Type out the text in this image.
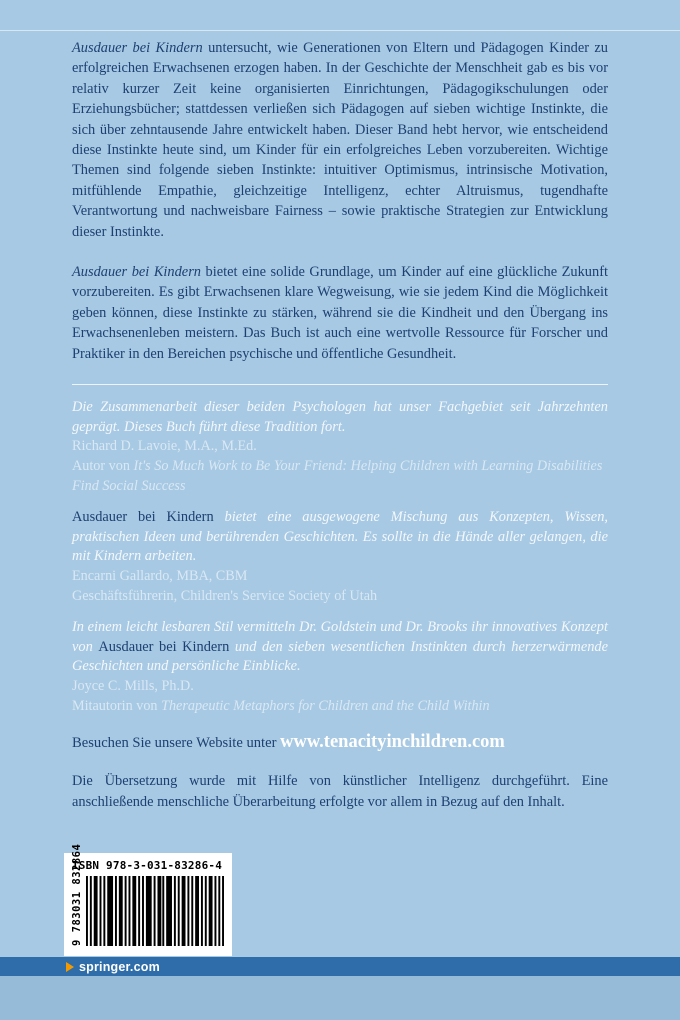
Ausdauer bei Kindern untersucht, wie Generationen von Eltern und Pädagogen Kinder zu erfolgreichen Erwachsenen erzogen haben. In der Geschichte der Menschheit gab es bis vor relativ kurzer Zeit keine organisierten Einrichtungen, Pädagogikschulungen oder Erziehungsbücher; stattdessen verließen sich Pädagogen auf sieben wichtige Instinkte, die sich über zehntausende Jahre entwickelt haben. Dieser Band hebt hervor, wie entscheidend diese Instinkte heute sind, um Kinder für ein erfolgreiches Leben vorzubereiten. Wichtige Themen sind folgende sieben Instinkte: intuitiver Optimismus, intrinsische Motivation, mitfühlende Empathie, gleichzeitige Intelligenz, echter Altruismus, tugendhafte Verantwortung und nachweisbare Fairness – sowie praktische Strategien zur Entwicklung dieser Instinkte.

Ausdauer bei Kindern bietet eine solide Grundlage, um Kinder auf eine glückliche Zukunft vorzubereiten. Es gibt Erwachsenen klare Wegweisung, wie sie jedem Kind die Möglichkeit geben können, diese Instinkte zu stärken, während sie die Kindheit und den Übergang ins Erwachsenenleben meistern. Das Buch ist auch eine wertvolle Ressource für Forscher und Praktiker in den Bereichen psychische und öffentliche Gesundheit.

Die Zusammenarbeit dieser beiden Psychologen hat unser Fachgebiet seit Jahrzehnten geprägt. Dieses Buch führt diese Tradition fort.

Richard D. Lavoie, M.A., M.Ed.

Autor von It's So Much Work to Be Your Friend: Helping Children with Learning Disabilities Find Social Success

Ausdauer bei Kindern bietet eine ausgewogene Mischung aus Konzepten, Wissen, praktischen Ideen und berührenden Geschichten. Es sollte in die Hände aller gelangen, die mit Kindern arbeiten.

Encarni Gallardo, MBA, CBM

Geschäftsführerin, Children's Service Society of Utah

In einem leicht lesbaren Stil vermitteln Dr. Goldstein und Dr. Brooks ihr innovatives Konzept von Ausdauer bei Kindern und den sieben wesentlichen Instinkten durch herzerwärmende Geschichten und persönliche Einblicke.

Joyce C. Mills, Ph.D.

Mitautorin von Therapeutic Metaphors for Children and the Child Within

Besuchen Sie unsere Website unter www.tenacityinchildren.com

Die Übersetzung wurde mit Hilfe von künstlicher Intelligenz durchgeführt. Eine anschließende menschliche Überarbeitung erfolgte vor allem in Bezug auf den Inhalt.

ISBN 978-3-031-83286-4
9 783031 832864
springer.com
